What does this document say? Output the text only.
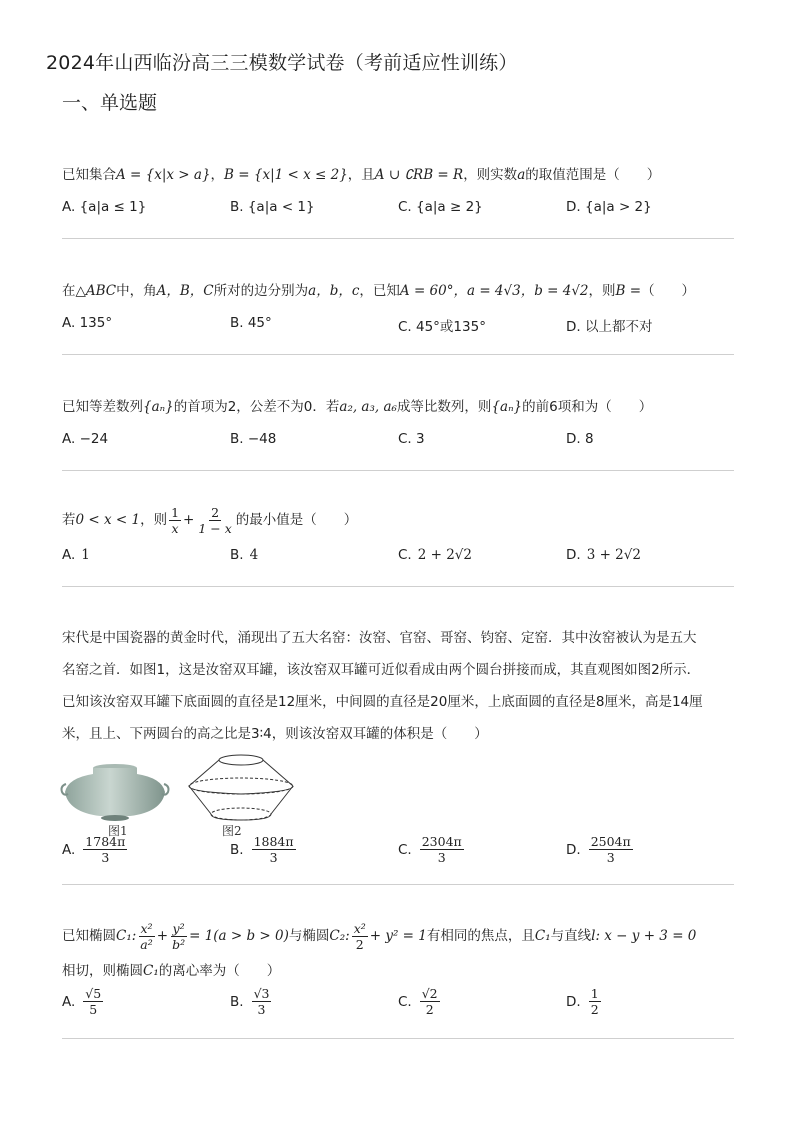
2024年山西临汾高三三模数学试卷（考前适应性训练）
一、单选题
已知集合A = {x|x > a}，B = {x|1 < x ≤ 2}，且A ∪ ∁RB = R，则实数a的取值范围是（　　）
A. {a|a ≤ 1}	B. {a|a < 1}	C. {a|a ≥ 2}	D. {a|a > 2}
在△ABC中，角A，B，C所对的边分别为a，b，c，已知A = 60°，a = 4√3，b = 4√2，则B =（　　）
A. 135°	B. 45°	C. 45°或135°	D. 以上都不对
已知等差数列{aₙ}的首项为2，公差不为0．若a₂, a₃, a₆成等比数列，则{aₙ}的前6项和为（　　）
A. −24	B. −48	C. 3	D. 8
若0 < x < 1，则 $\frac{1}{x} + \frac{2}{1 - x}$ 的最小值是（　　）
A. 1	B. 4	C. 2 + 2√2	D. 3 + 2√2
宋代是中国瓷器的黄金时代，涌现出了五大名窑：汝窑、官窑、哥窑、钧窑、定窑．其中汝窑被认为是五大
名窑之首．如图1，这是汝窑双耳罐，该汝窑双耳罐可近似看成由两个圆台拼接而成，其直观图如图2所示．
已知该汝窑双耳罐下底面圆的直径是12厘米，中间圆的直径是20厘米，上底面圆的直径是8厘米，高是14厘
米，且上、下两圆台的高之比是3∶4，则该汝窑双耳罐的体积是（　　）
图1	图2
A. $\frac{1784\pi}{3}$	B. $\frac{1884\pi}{3}$	C. $\frac{2304\pi}{3}$	D. $\frac{2504\pi}{3}$
已知椭圆C₁: $\frac{\text{x²}}{\text{a²}} + \frac{\text{y²}}{\text{b²}} = 1(a > b > 0)$与椭圆C₂: $\frac{\text{x²}}{2} + y^2 = 1$有相同的焦点，且C₁与直线l: x − y + 3 = 0
相切，则椭圆C₁的离心率为（　　）
A. $\frac{√5}{5}$	B. $\frac{√3}{3}$	C. $\frac{√2}{2}$	D. $\frac{1}{2}$
